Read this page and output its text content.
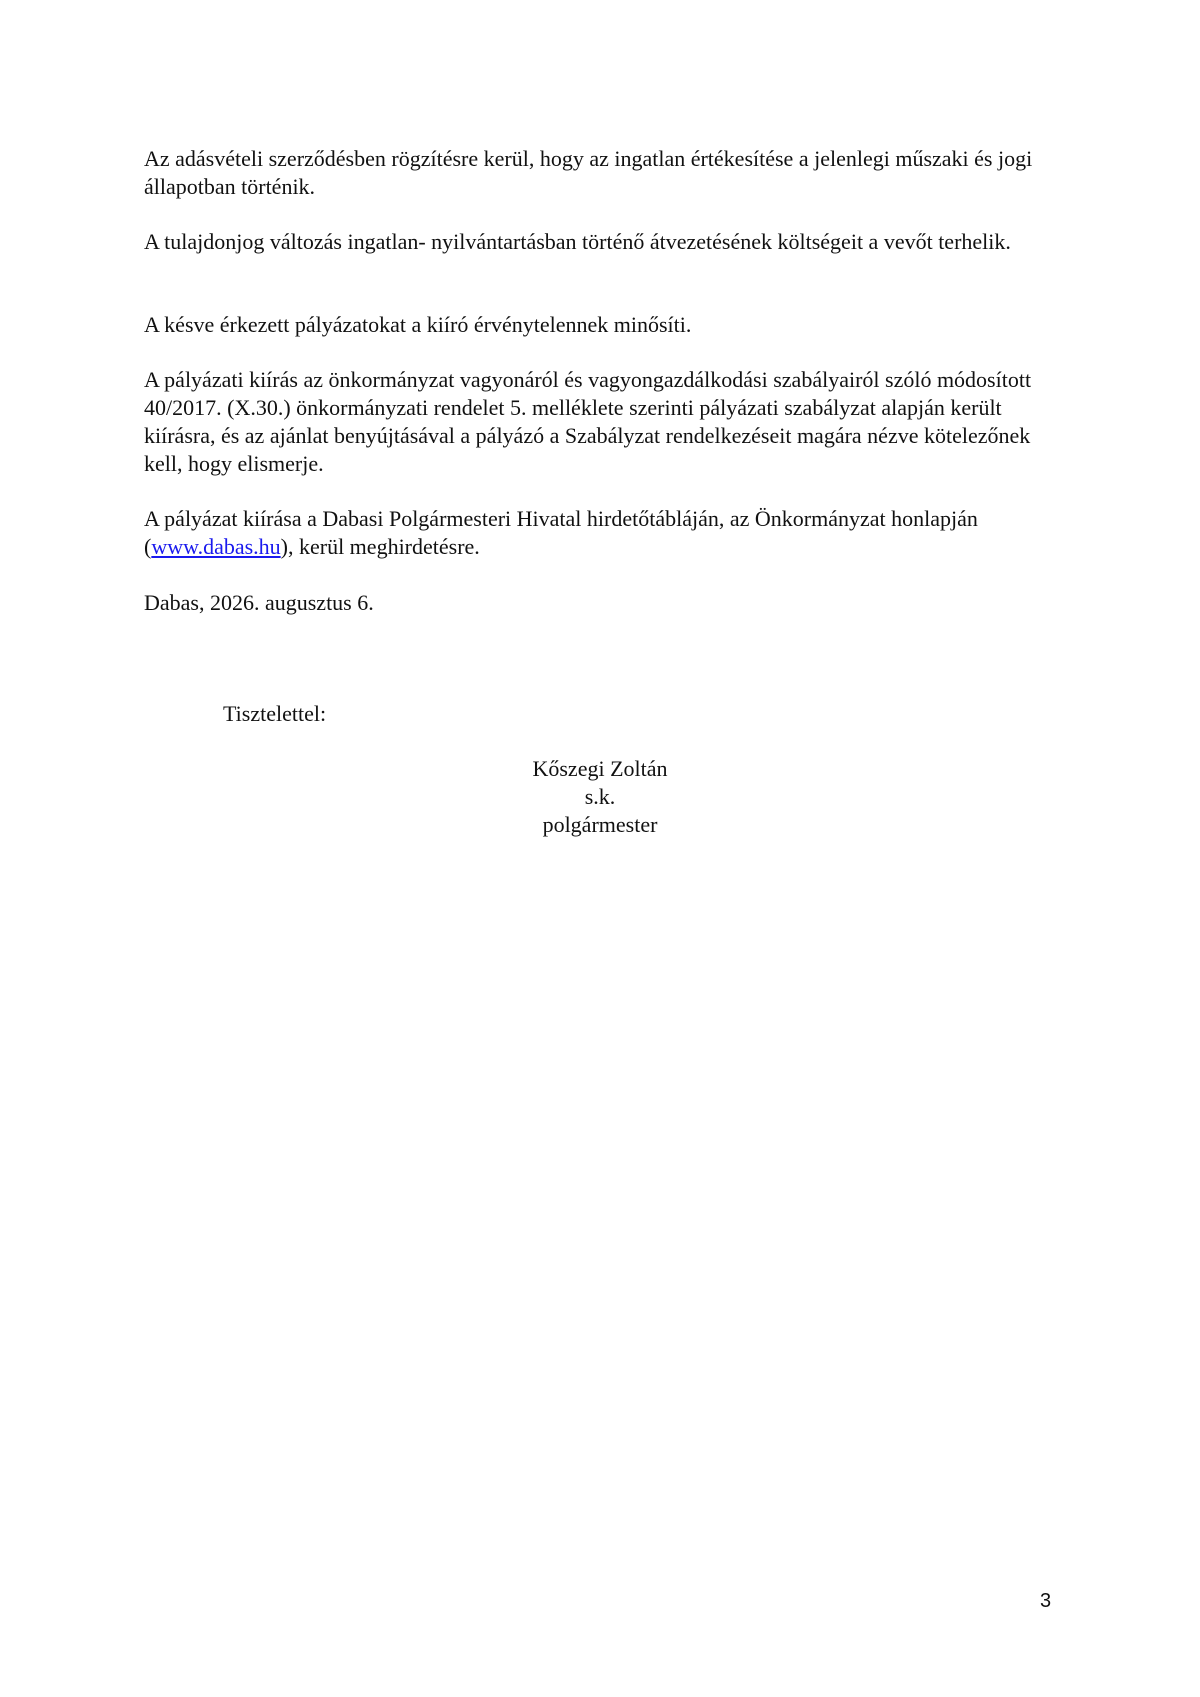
Az adásvételi szerződésben rögzítésre kerül, hogy az ingatlan értékesítése a jelenlegi műszaki és jogi állapotban történik.
A tulajdonjog változás ingatlan- nyilvántartásban történő átvezetésének költségeit a vevőt terhelik.
A késve érkezett pályázatokat a kiíró érvénytelennek minősíti.
A pályázati kiírás az önkormányzat vagyonáról és vagyongazdálkodási szabályairól szóló módosított 40/2017. (X.30.) önkormányzati rendelet 5. melléklete szerinti pályázati szabályzat alapján került kiírásra, és az ajánlat benyújtásával a pályázó a Szabályzat rendelkezéseit magára nézve kötelezőnek kell, hogy elismerje.
A pályázat kiírása a Dabasi Polgármesteri Hivatal hirdetőtábláján, az Önkormányzat honlapján (www.dabas.hu), kerül meghirdetésre.
Dabas, 2026. augusztus 6.
Tisztelettel:
Kőszegi Zoltán
s.k.
polgármester
3
